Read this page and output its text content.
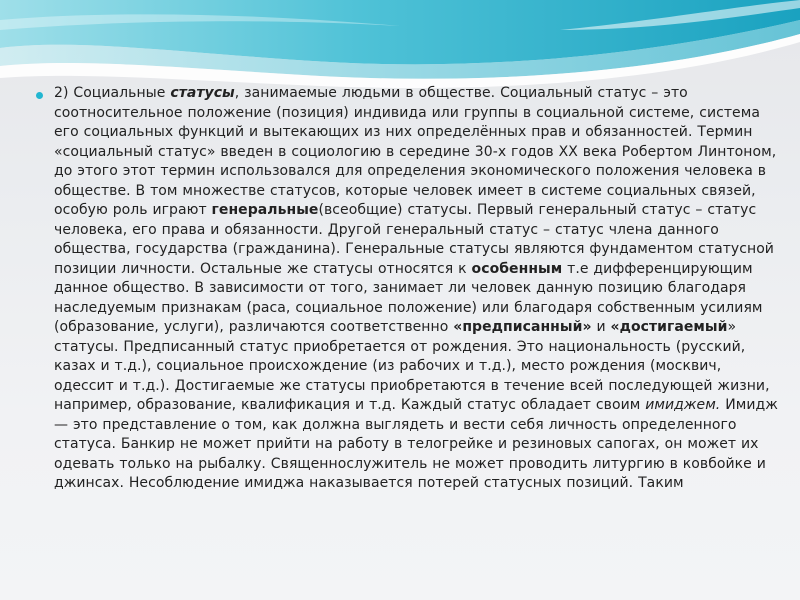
2) Социальные статусы, занимаемые людьми в обществе. Социальный статус – это соотносительное положение (позиция) индивида или группы в социальной системе, система его социальных функций и вытекающих из них определённых прав и обязанностей. Термин «социальный статус» введен в социологию в середине 30-х годов ХХ века Робертом Линтоном, до этого этот термин использовался для определения экономического положения человека в обществе. В том множестве статусов, которые человек имеет в системе социальных связей, особую роль играют генеральные(всеобщие) статусы. Первый генеральный статус – статус человека, его права и обязанности. Другой генеральный статус – статус члена данного общества, государства (гражданина). Генеральные статусы являются фундаментом статусной позиции личности. Остальные же статусы относятся к особенным т.е дифференцирующим данное общество. В зависимости от того, занимает ли человек данную позицию благодаря наследуемым признакам (раса, социальное положение) или благодаря собственным усилиям (образование, услуги), различаются соответственно «предписанный» и «достигаемый» статусы. Предписанный статус приобретается от рождения. Это национальность (русский, казах и т.д.), социальное происхождение (из рабочих и т.д.), место рождения (москвич, одессит и т.д.). Достигаемые же статусы приобретаются в течение всей последующей жизни, например, образование, квалификация и т.д. Каждый статус обладает своим имиджем. Имидж — это представление о том, как должна выглядеть и вести себя личность определенного статуса. Банкир не может прийти на работу в телогрейке и резиновых сапогах, он может их одевать только на рыбалку. Священнослужитель не может проводить литургию в ковбойке и джинсах. Несоблюдение имиджа наказывается потерей статусных позиций. Таким
